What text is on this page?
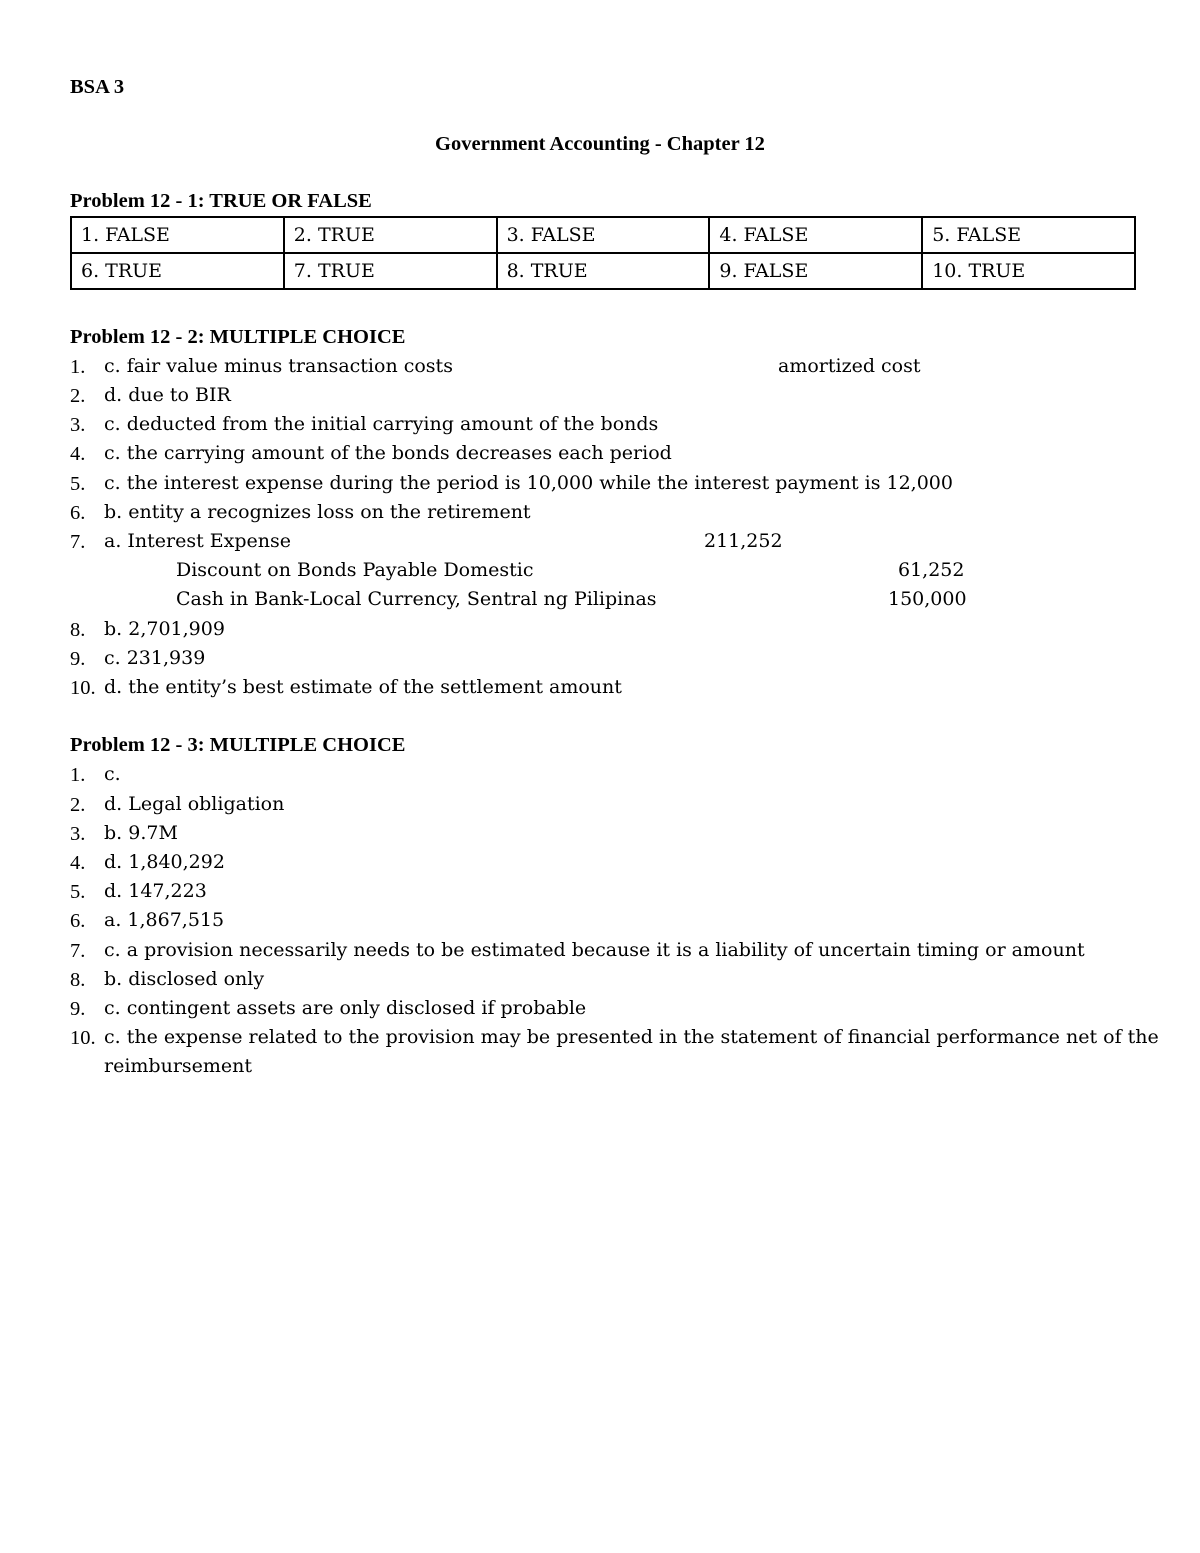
BSA 3
Government Accounting - Chapter 12
Problem 12 - 1: TRUE OR FALSE
1. FALSE	2. TRUE	3. FALSE	4. FALSE	5. FALSE
6. TRUE	7. TRUE	8. TRUE	9. FALSE	10. TRUE
Problem 12 - 2: MULTIPLE CHOICE
1. c. fair value minus transaction costs	amortized cost
2. d. due to BIR
3. c. deducted from the initial carrying amount of the bonds
4. c. the carrying amount of the bonds decreases each period
5. c. the interest expense during the period is 10,000 while the interest payment is 12,000
6. b. entity a recognizes loss on the retirement
7. a. Interest Expense	211,252
Discount on Bonds Payable Domestic	61,252
Cash in Bank-Local Currency, Sentral ng Pilipinas	150,000
8. b. 2,701,909
9. c. 231,939
10. d. the entity’s best estimate of the settlement amount
Problem 12 - 3: MULTIPLE CHOICE
1. c.
2. d. Legal obligation
3. b. 9.7M
4. d. 1,840,292
5. d. 147,223
6. a. 1,867,515
7. c. a provision necessarily needs to be estimated because it is a liability of uncertain timing or amount
8. b. disclosed only
9. c. contingent assets are only disclosed if probable
10. c. the expense related to the provision may be presented in the statement of financial performance net of the
reimbursement
